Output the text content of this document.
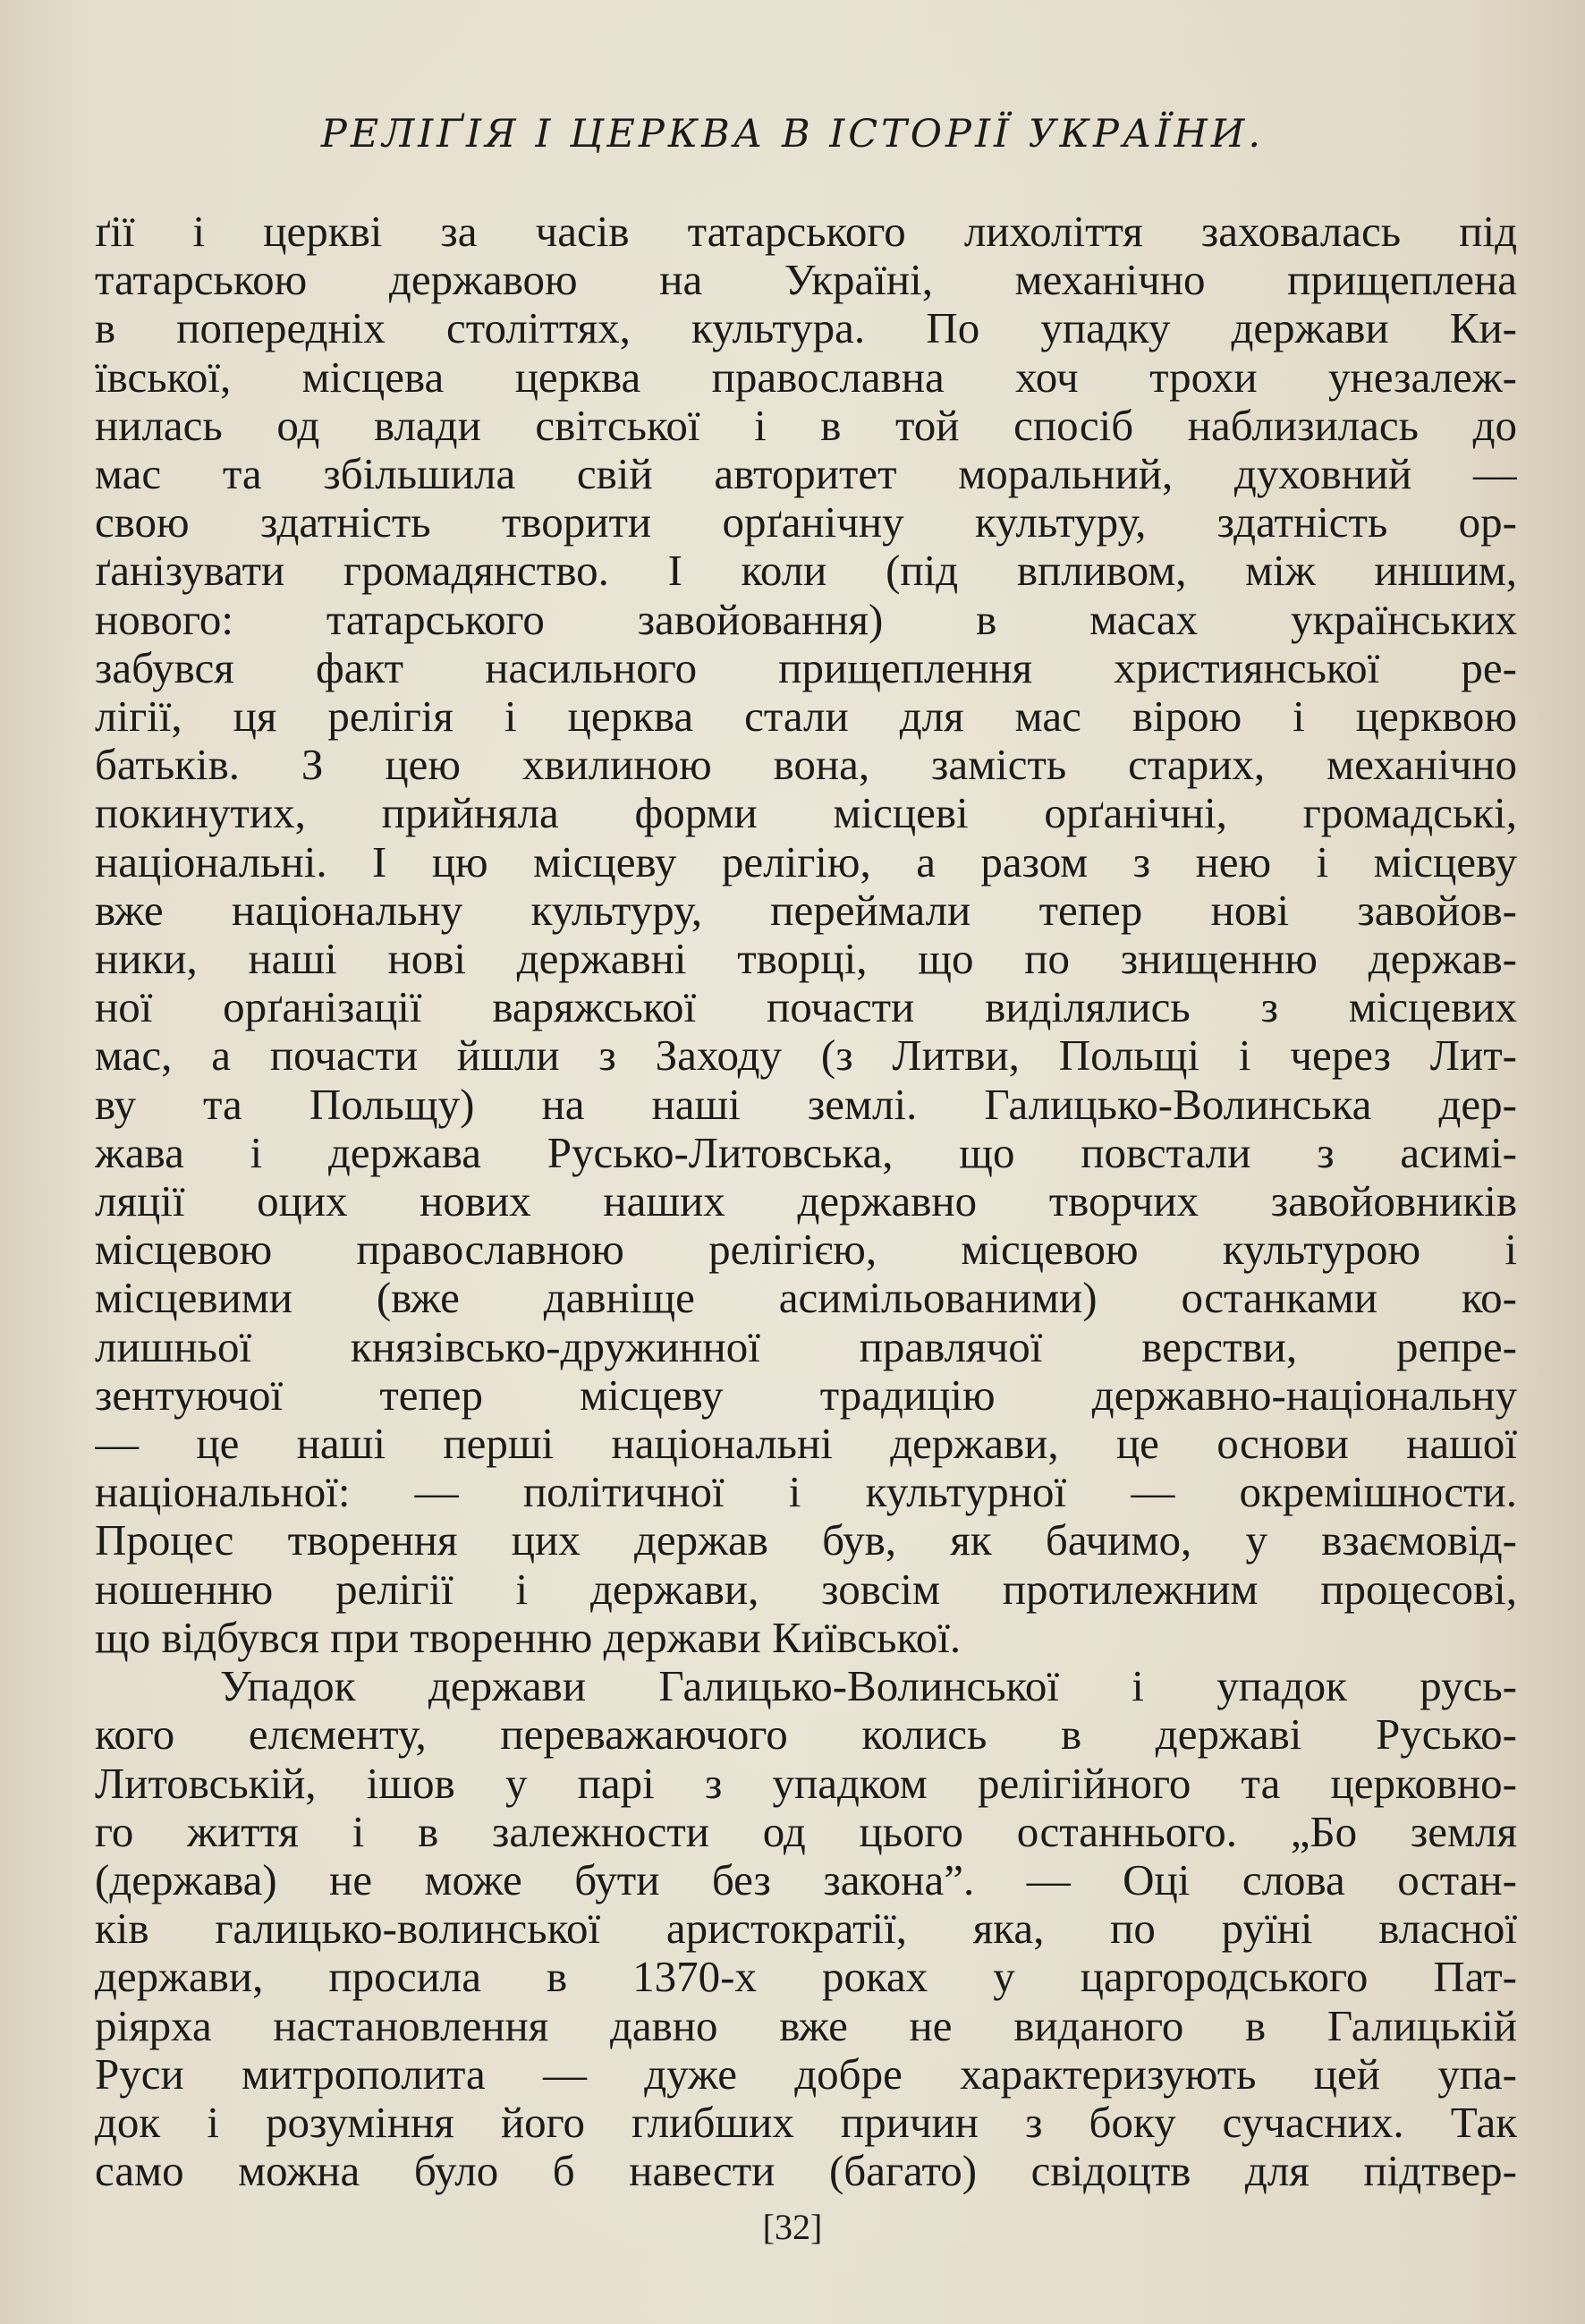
РЕЛІҐІЯ І ЦЕРКВА В ІСТОРІЇ УКРАЇНИ.
ґії і церкві за часів татарського лихоліття заховалась під
татарською державою на Україні, механічно прищеплена
в попередніх століттях, культура. По упадку держави Ки-
ївської, місцева церква православна хоч трохи унезалеж-
нилась од влади світської і в той спосіб наблизилась до
мас та збільшила свій авторитет моральний, духовний —
свою здатність творити орґанічну культуру, здатність ор-
ґанізувати громадянство. І коли (під впливом, між иншим,
нового: татарського завойовання) в масах українських
забувся факт насильного прищеплення християнської ре-
лігії, ця релігія і церква стали для мас вірою і церквою
батьків. З цею хвилиною вона, замість старих, механічно
покинутих, прийняла форми місцеві орґанічні, громадські,
національні. І цю місцеву релігію, а разом з нею і місцеву
вже національну культуру, переймали тепер нові завойов-
ники, наші нові державні творці, що по знищенню держав-
ної орґанізації варяжської почасти виділялись з місцевих
мас, а почасти йшли з Заходу (з Литви, Польщі і через Лит-
ву та Польщу) на наші землі. Галицько-Волинська дер-
жава і держава Русько-Литовська, що повстали з асимі-
ляції оцих нових наших державно творчих завойовників
місцевою православною релігією, місцевою культурою і
місцевими (вже давніще асимільованими) останками ко-
лишньої князівсько-дружинної правлячої верстви, репре-
зентуючої тепер місцеву традицію державно-національну
— це наші перші національні держави, це основи нашої
національної: — політичної і культурної — окремішности.
Процес творення цих держав був, як бачимо, у взаємовід-
ношенню релігії і держави, зовсім протилежним процесові,
що відбувся при творенню держави Київської.
Упадок держави Галицько-Волинської і упадок русь-
кого елєменту, переважаючого колись в державі Русько-
Литовській, ішов у парі з упадком релігійного та церковно-
го життя і в залежности од цього останнього. „Бо земля
(держава) не може бути без закона”. — Оці слова остан-
ків галицько-волинської аристократії, яка, по руїні власної
держави, просила в 1370-х роках у царгородського Пат-
ріярха настановлення давно вже не виданого в Галицькій
Руси митрополита — дуже добре характеризують цей упа-
док і розуміння його глибших причин з боку сучасних. Так
само можна було б навести (багато) свідоцтв для підтвер-
[32]
